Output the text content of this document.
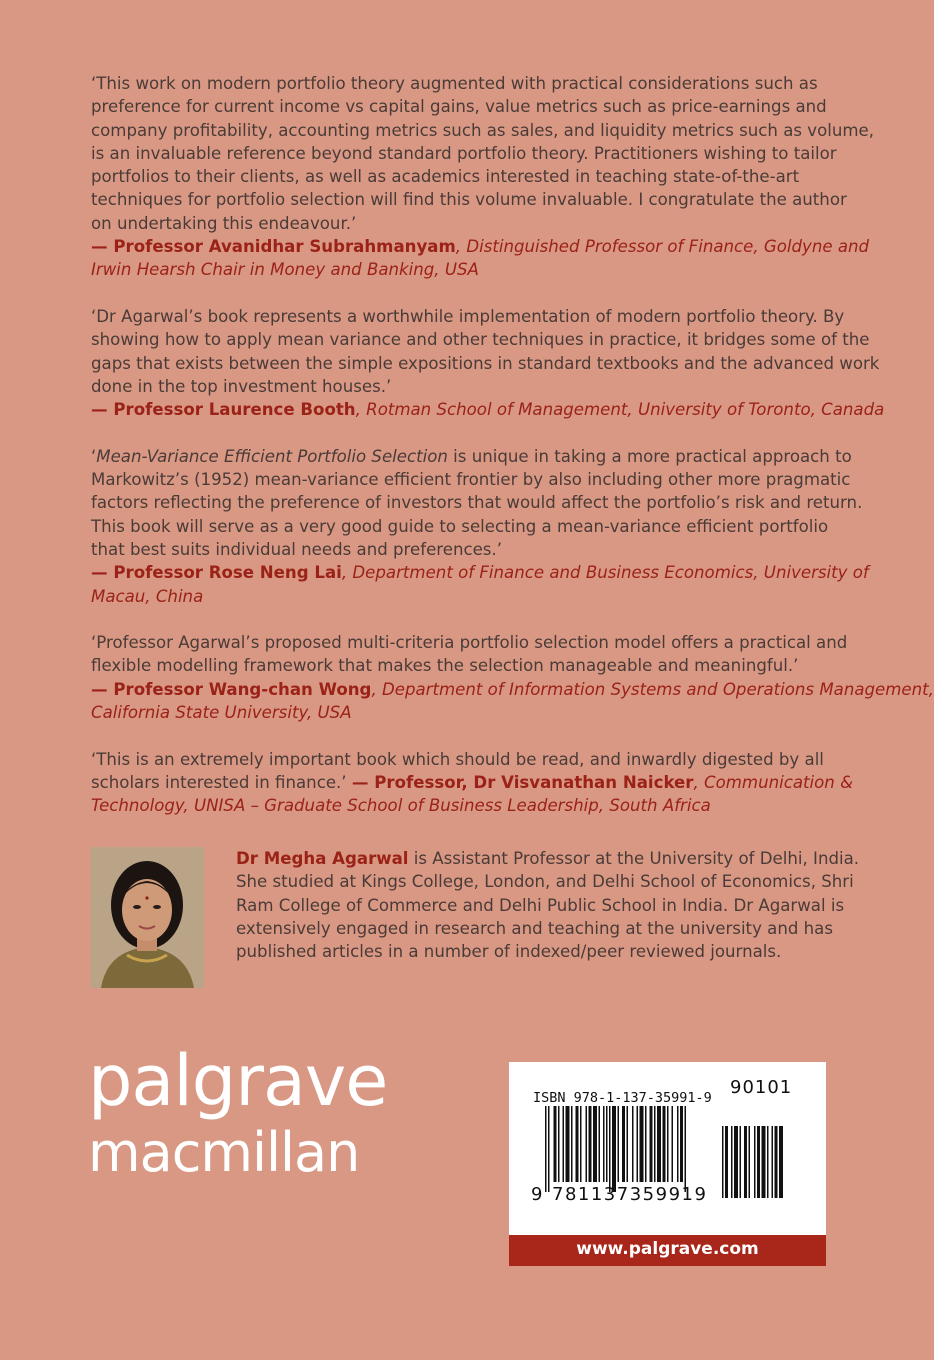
‘This work on modern portfolio theory augmented with practical considerations such as
preference for current income vs capital gains, value metrics such as price-earnings and
company profitability, accounting metrics such as sales, and liquidity metrics such as volume,
is an invaluable reference beyond standard portfolio theory. Practitioners wishing to tailor
portfolios to their clients, as well as academics interested in teaching state-of-the-art
techniques for portfolio selection will find this volume invaluable. I congratulate the author
on undertaking this endeavour.’
— Professor Avanidhar Subrahmanyam, Distinguished Professor of Finance, Goldyne and
Irwin Hearsh Chair in Money and Banking, USA

‘Dr Agarwal’s book represents a worthwhile implementation of modern portfolio theory. By
showing how to apply mean variance and other techniques in practice, it bridges some of the
gaps that exists between the simple expositions in standard textbooks and the advanced work
done in the top investment houses.’
— Professor Laurence Booth, Rotman School of Management, University of Toronto, Canada

‘Mean-Variance Efficient Portfolio Selection is unique in taking a more practical approach to
Markowitz’s (1952) mean-variance efficient frontier by also including other more pragmatic
factors reflecting the preference of investors that would affect the portfolio’s risk and return.
This book will serve as a very good guide to selecting a mean-variance efficient portfolio
that best suits individual needs and preferences.’
— Professor Rose Neng Lai, Department of Finance and Business Economics, University of
Macau, China

‘Professor Agarwal’s proposed multi-criteria portfolio selection model offers a practical and
flexible modelling framework that makes the selection manageable and meaningful.’
— Professor Wang-chan Wong, Department of Information Systems and Operations Management,
California State University, USA

‘This is an extremely important book which should be read, and inwardly digested by all
scholars interested in finance.’ — Professor, Dr Visvanathan Naicker, Communication &
Technology, UNISA – Graduate School of Business Leadership, South Africa

Dr Megha Agarwal is Assistant Professor at the University of Delhi, India.
She studied at Kings College, London, and Delhi School of Economics, Shri
Ram College of Commerce and Delhi Public School in India. Dr Agarwal is
extensively engaged in research and teaching at the university and has
published articles in a number of indexed/peer reviewed journals.
palgrave
macmillan
ISBN 978-1-137-35991-9 90101
9 781137359919
www.palgrave.com
